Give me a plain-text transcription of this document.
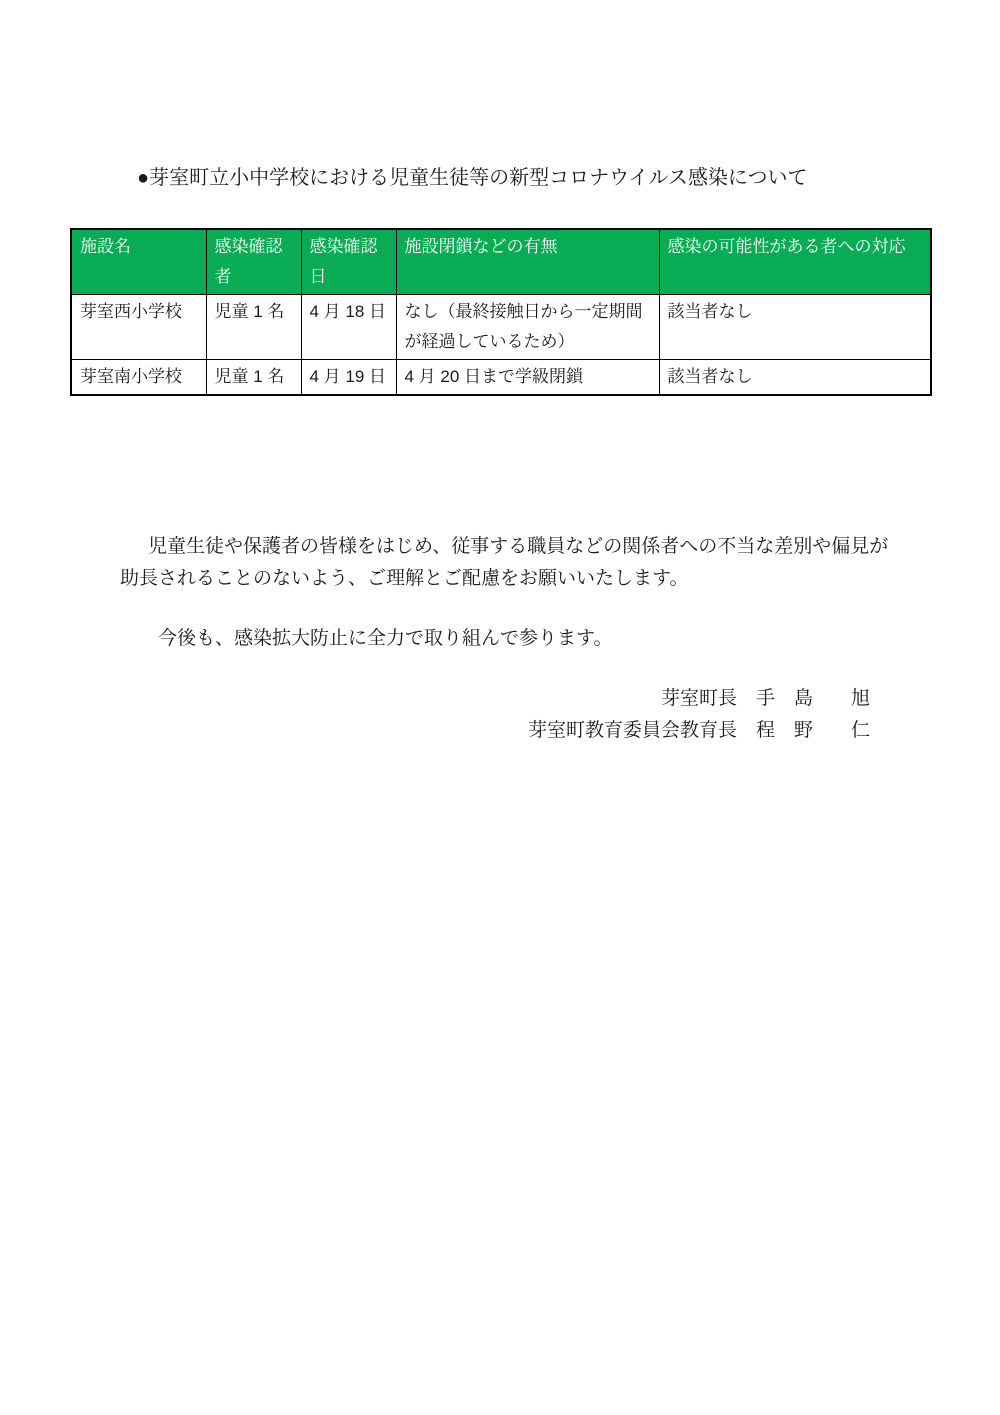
●芽室町立小中学校における児童生徒等の新型コロナウイルス感染について
施設名	感染確認者	感染確認日	施設閉鎖などの有無	感染の可能性がある者への対応
芽室西小学校	児童 1 名	4 月 18 日	なし（最終接触日から一定期間が経過しているため）	該当者なし
芽室南小学校	児童 1 名	4 月 19 日	4 月 20 日まで学級閉鎖	該当者なし

児童生徒や保護者の皆様をはじめ、従事する職員などの関係者への不当な差別や偏見が助長されることのないよう、ご理解とご配慮をお願いいたします。

今後も、感染拡大防止に全力で取り組んで参ります。

芽室町長　手　島　　旭
芽室町教育委員会教育長　程　野　　仁
